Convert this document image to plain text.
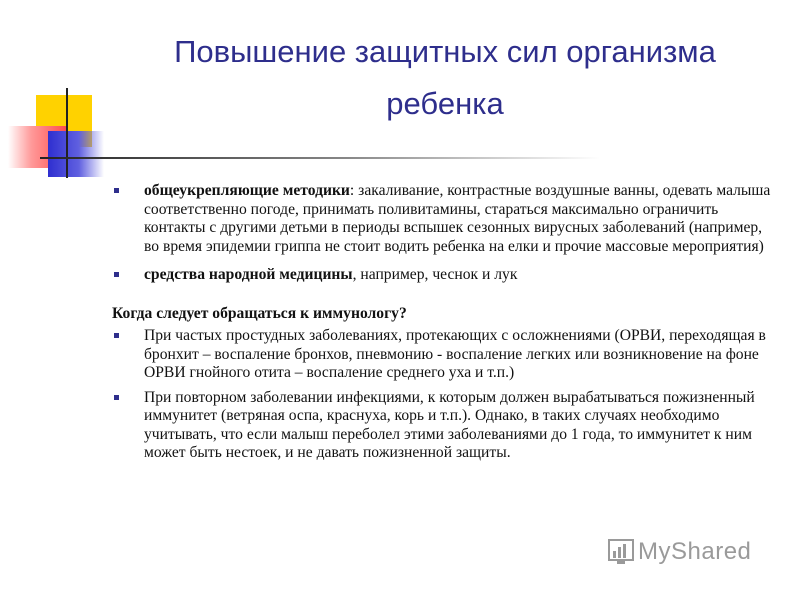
Повышение защитных сил организма
ребенка
общеукрепляющие методики: закаливание, контрастные воздушные ванны, одевать малыша соответственно погоде, принимать поливитамины, стараться максимально ограничить контакты с другими детьми в периоды вспышек сезонных вирусных заболеваний (например, во время эпидемии гриппа не стоит водить ребенка на елки и прочие массовые мероприятия)
средства народной медицины, например, чеснок и лук
Когда следует обращаться к иммунологу?
При частых простудных заболеваниях, протекающих с осложнениями (ОРВИ, переходящая в бронхит – воспаление бронхов, пневмонию - воспаление легких или возникновение на фоне ОРВИ гнойного отита – воспаление среднего уха и т.п.)
При повторном заболевании инфекциями, к которым должен вырабатываться пожизненный иммунитет (ветряная оспа, краснуха, корь и т.п.). Однако, в таких случаях необходимо учитывать, что если малыш переболел этими заболеваниями до 1 года, то иммунитет к ним может быть нестоек, и не давать пожизненной защиты.
MyShared
